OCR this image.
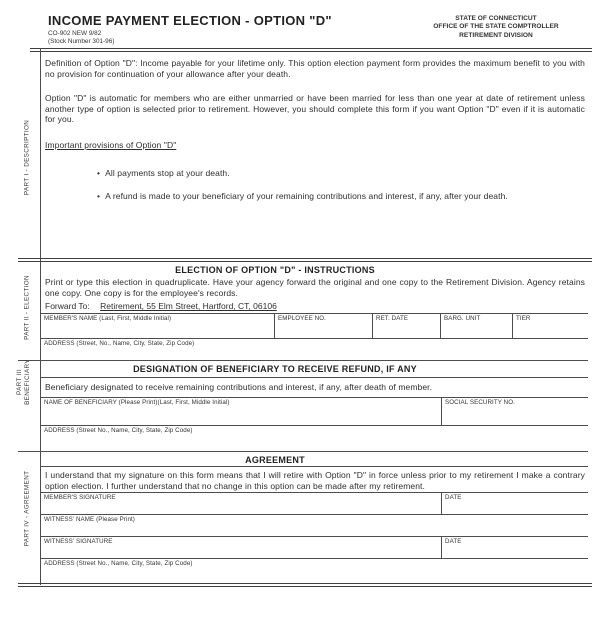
INCOME PAYMENT ELECTION - OPTION "D"
CO-902 NEW 9/82
(Stock Number 301-96)
STATE OF CONNECTICUT
OFFICE OF THE STATE COMPTROLLER
RETIREMENT DIVISION
PART I - DESCRIPTION
Definition of Option "D": Income payable for your lifetime only. This option election payment form provides the maximum benefit to you with no provision for continuation of your allowance after your death.
Option "D" is automatic for members who are either unmarried or have been married for less than one year at date of retirement unless another type of option is selected prior to retirement. However, you should complete this form if you want Option "D" even if it is automatic for you.
Important provisions of Option "D"
• All payments stop at your death.
• A refund is made to your beneficiary of your remaining contributions and interest, if any, after your death.
PART II - ELECTION
ELECTION OF OPTION "D" - INSTRUCTIONS
Print or type this election in quadruplicate. Have your agency forward the original and one copy to the Retirement Division. Agency retains one copy. One copy is for the employee's records.
Forward To: Retirement, 55 Elm Street, Hartford, CT, 06106
MEMBER'S NAME (Last, First, Middle Initial)	EMPLOYEE NO.	RET. DATE	BARG. UNIT	TIER
ADDRESS (Street, No., Name, City, State, Zip Code)
PART III BENEFICIARY	DESIGNATION OF BENEFICIARY TO RECEIVE REFUND, IF ANY
Beneficiary designated to receive remaining contributions and interest, if any, after death of member.
NAME OF BENEFICIARY (Please Print)(Last, First, Middle Initial)	SOCIAL SECURITY NO.
ADDRESS (Street No., Name, City, State, Zip Code)
PART IV - AGREEMENT
AGREEMENT
I understand that my signature on this form means that I will retire with Option "D" in force unless prior to my retirement I make a contrary option election. I further understand that no change in this option can be made after my retirement.
MEMBER'S SIGNATURE	DATE
WITNESS' NAME (Please Print)
WITNESS' SIGNATURE	DATE
ADDRESS (Street No., Name, City, State, Zip Code)
